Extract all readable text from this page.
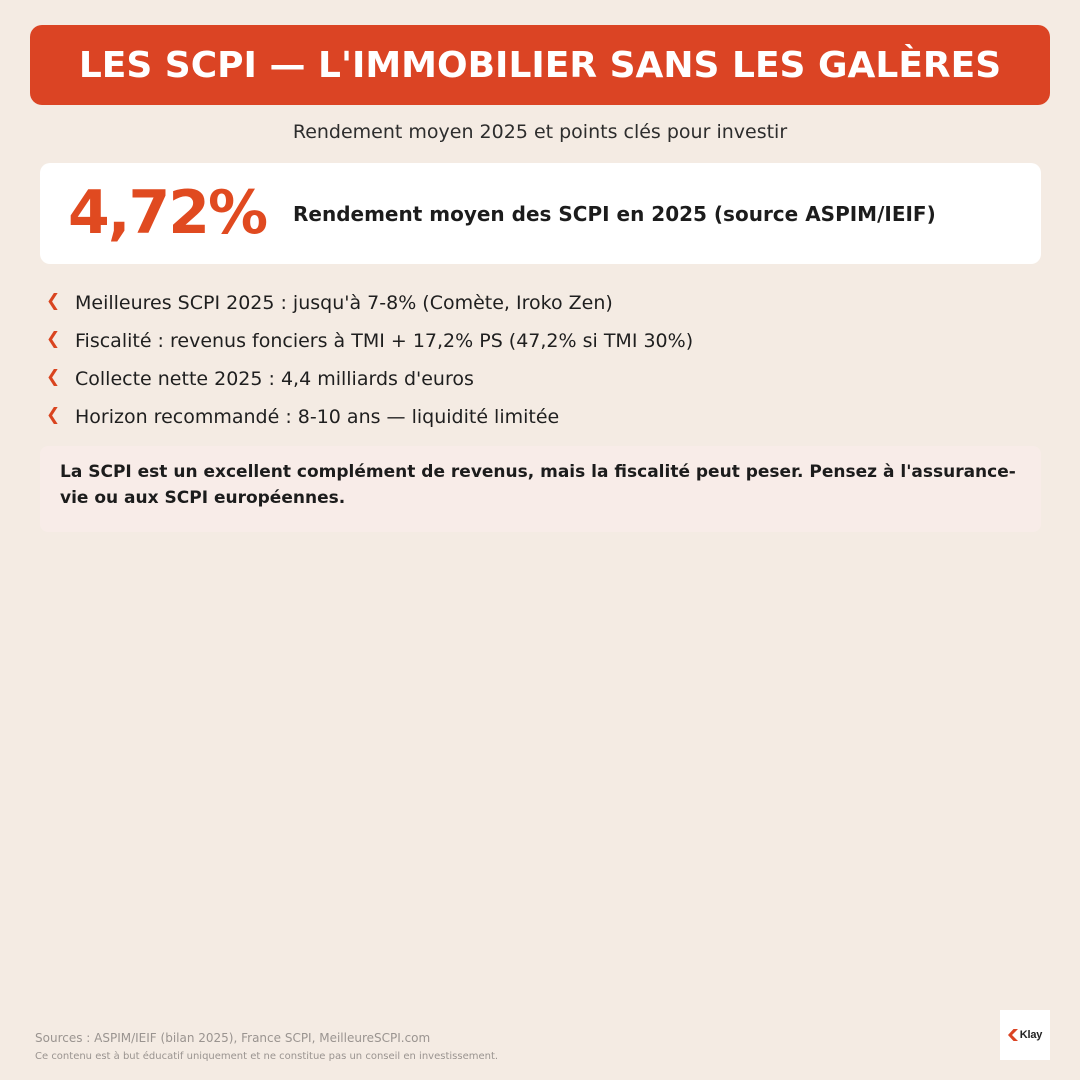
LES SCPI — L'IMMOBILIER SANS LES GALÈRES
Rendement moyen 2025 et points clés pour investir
4,72% Rendement moyen des SCPI en 2025 (source ASPIM/IEIF)
❮ Meilleures SCPI 2025 : jusqu'à 7-8% (Comète, Iroko Zen)
❮ Fiscalité : revenus fonciers à TMI + 17,2% PS (47,2% si TMI 30%)
❮ Collecte nette 2025 : 4,4 milliards d'euros
❮ Horizon recommandé : 8-10 ans — liquidité limitée
La SCPI est un excellent complément de revenus, mais la fiscalité peut peser. Pensez à l'assurance-vie ou aux SCPI européennes.
Sources : ASPIM/IEIF (bilan 2025), France SCPI, MeilleureSCPI.com
Ce contenu est à but éducatif uniquement et ne constitue pas un conseil en investissement.
Klay
